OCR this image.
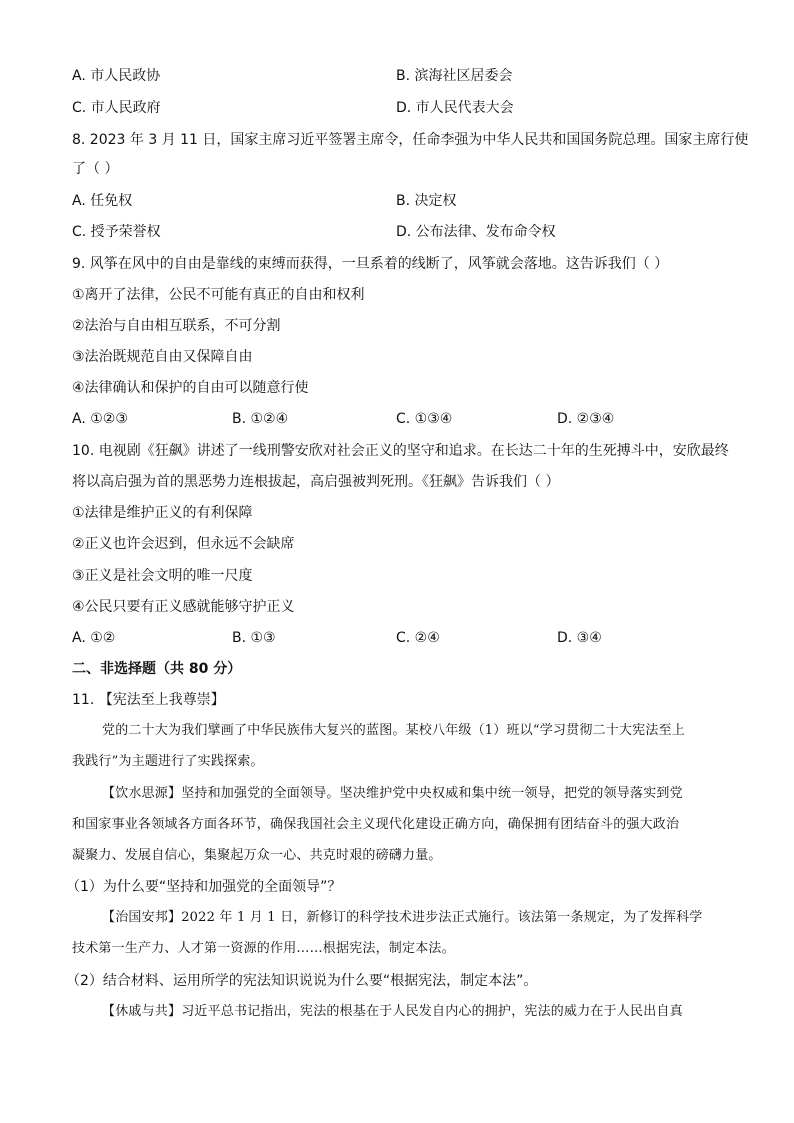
A. 市人民政协	B. 滨海社区居委会
C. 市人民政府	D. 市人民代表大会
8. 2023 年 3 月 11 日，国家主席习近平签署主席令，任命李强为中华人民共和国国务院总理。国家主席行使
了（ ）
A. 任免权	B. 决定权
C. 授予荣誉权	D. 公布法律、发布命令权
9. 风筝在风中的自由是靠线的束缚而获得，一旦系着的线断了，风筝就会落地。这告诉我们（ ）
①离开了法律，公民不可能有真正的自由和权利
②法治与自由相互联系，不可分割
③法治既规范自由又保障自由
④法律确认和保护的自由可以随意行使
A. ①②③	B. ①②④	C. ①③④	D. ②③④
10. 电视剧《狂飙》讲述了一线刑警安欣对社会正义的坚守和追求。在长达二十年的生死搏斗中，安欣最终
将以高启强为首的黑恶势力连根拔起，高启强被判死刑。《狂飙》告诉我们（ ）
①法律是维护正义的有利保障
②正义也许会迟到，但永远不会缺席
③正义是社会文明的唯一尺度
④公民只要有正义感就能够守护正义
A. ①②	B. ①③	C. ②④	D. ③④
二、非选择题（共 80 分）
11. 【宪法至上我尊崇】
党的二十大为我们擘画了中华民族伟大复兴的蓝图。某校八年级（1）班以“学习贯彻二十大宪法至上
我践行”为主题进行了实践探索。
【饮水思源】坚持和加强党的全面领导。坚决维护党中央权威和集中统一领导，把党的领导落实到党
和国家事业各领域各方面各环节，确保我国社会主义现代化建设正确方向，确保拥有团结奋斗的强大政治
凝聚力、发展自信心，集聚起万众一心、共克时艰的磅礴力量。
（1）为什么要“坚持和加强党的全面领导”？
【治国安邦】2022 年 1 月 1 日，新修订的科学技术进步法正式施行。该法第一条规定，为了发挥科学
技术第一生产力、人才第一资源的作用……根据宪法，制定本法。
（2）结合材料、运用所学的宪法知识说说为什么要“根据宪法，制定本法”。
【休戚与共】习近平总书记指出，宪法的根基在于人民发自内心的拥护，宪法的威力在于人民出自真
